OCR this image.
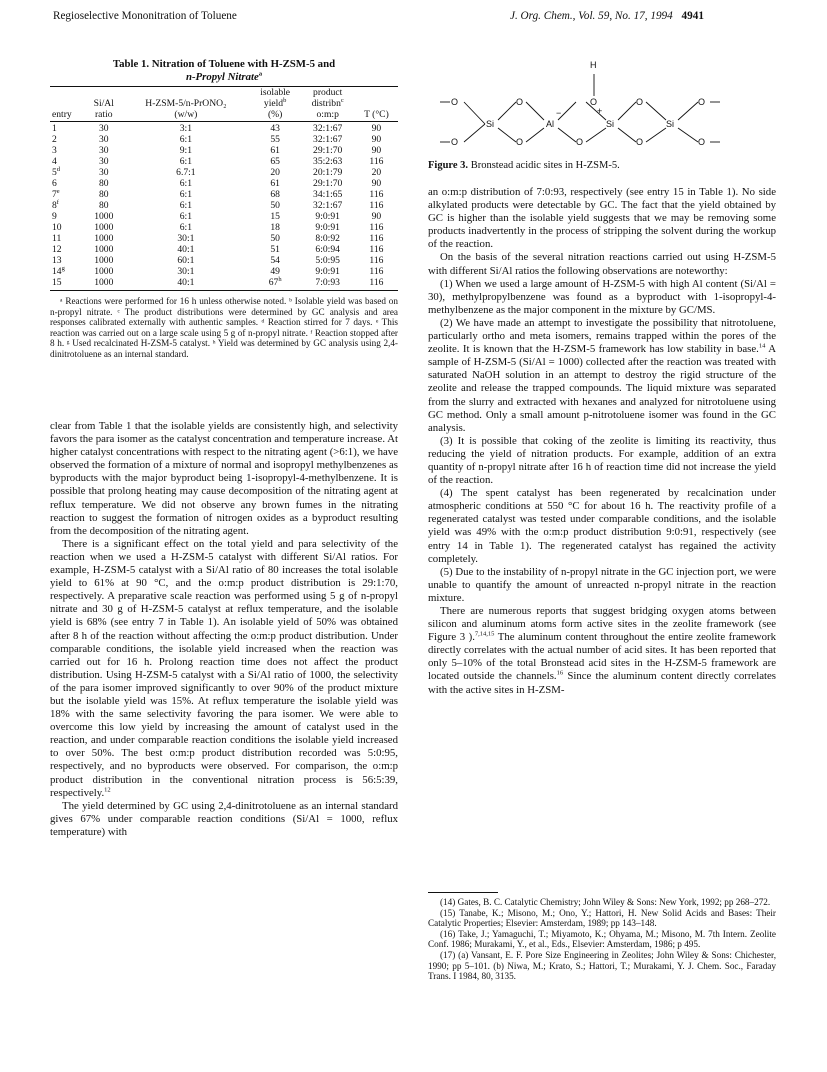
Regioselective Mononitration of Toluene	J. Org. Chem., Vol. 59, No. 17, 1994 4941
Table 1. Nitration of Toluene with H-ZSM-5 and
n-Propyl Nitrate$^a$
			isolable	product	
	Si/Al	H-ZSM-5/n-PrONO₂	yield$^b$	distribn$^c$	
entry	ratio	(w/w)	(%)	o:m:p	T (°C)

1	30	3:1	43	32:1:67	90
2	30	6:1	55	32:1:67	90
3	30	9:1	61	29:1:70	90
4	30	6:1	65	35:2:63	116
5$^d$	30	6.7:1	20	20:1:79	20
6	80	6:1	61	29:1:70	90
7e	80	6:1	68	34:1:65	116
8$^f$	80	6:1	50	32:1:67	116
9	1000	6:1	15	9:0:91	90
10	1000	6:1	18	9:0:91	116
11	1000	30:1	50	8:0:92	116
12	1000	40:1	51	6:0:94	116
13	1000	60:1	54	5:0:95	116
14$^g$	1000	30:1	49	9:0:91	116
15	1000	40:1	67$^h$	7:0:93	116
ᵃ Reactions were performed for 16 h unless otherwise noted. ᵇ Isolable yield was based on n-propyl nitrate. ᶜ The product distributions were determined by GC analysis and area responses calibrated externally with authentic samples. ᵈ Reaction stirred for 7 days. ᵉ This reaction was carried out on a large scale using 5 g of n-propyl nitrate. ᶠ Reaction stopped after 8 h. ᵍ Used recalcinated H-ZSM-5 catalyst. ʰ Yield was determined by GC analysis using 2,4-dinitrotoluene as an internal standard.

clear from Table 1 that the isolable yields are consistently high, and selectivity favors the para isomer as the catalyst concentration and temperature increase. At higher catalyst concentrations with respect to the nitrating agent (>6:1), we have observed the formation of a mixture of normal and isopropyl methylbenzenes as byproducts with the major byproduct being 1-isopropyl-4-methylbenzene. It is possible that prolong heating may cause decomposition of the nitrating agent at reflux temperature. We did not observe any brown fumes in the nitrating reaction to suggest the formation of nitrogen oxides as a byproduct resulting from the decomposition of the nitrating agent.

There is a significant effect on the total yield and para selectivity of the reaction when we used a H-ZSM-5 catalyst with different Si/Al ratios. For example, H-ZSM-5 catalyst with a Si/Al ratio of 80 increases the total isolable yield to 61% at 90 °C, and the o:m:p product distribution is 29:1:70, respectively. A preparative scale reaction was performed using 5 g of n-propyl nitrate and 30 g of H-ZSM-5 catalyst at reflux temperature, and the isolable yield is 68% (see entry 7 in Table 1). An isolable yield of 50% was obtained after 8 h of the reaction without affecting the o:m:p product distribution. Under comparable conditions, the isolable yield increased when the reaction was carried out for 16 h. Prolong reaction time does not affect the product distribution. Using H-ZSM-5 catalyst with a Si/Al ratio of 1000, the selectivity of the para isomer improved significantly to over 90% of the product mixture but the isolable yield was 15%. At reflux temperature the isolable yield was 18% with the same selectivity favoring the para isomer. We were able to overcome this low yield by increasing the amount of catalyst used in the reaction, and under comparable reaction conditions the isolable yield increased to over 50%. The best o:m:p product distribution recorded was 5:0:95, respectively, and no byproducts were observed. For comparison, the o:m:p product distribution in the conventional nitration process is 56:5:39, respectively.$^{12}$

The yield determined by GC using 2,4-dinitrotoluene as an internal standard gives 67% under comparable reaction conditions (Si/Al = 1000, reflux temperature) with

H
O
O
Si
O
O
Al
−
O
+
O
Si
O
O
Si
O
O
Figure 3. Bronstead acidic sites in H-ZSM-5.

an o:m:p distribution of 7:0:93, respectively (see entry 15 in Table 1). No side alkylated products were detectable by GC. The fact that the yield obtained by GC is higher than the isolable yield suggests that we may be removing some products inadvertently in the process of stripping the solvent during the workup of the reaction.

On the basis of the several nitration reactions carried out using H-ZSM-5 with different Si/Al ratios the following observations are noteworthy:

(1) When we used a large amount of H-ZSM-5 with high Al content (Si/Al = 30), methylpropylbenzene was found as a byproduct with 1-isopropyl-4-methylbenzene as the major component in the mixture by GC/MS.

(2) We have made an attempt to investigate the possibility that nitrotoluene, particularly ortho and meta isomers, remains trapped within the pores of the zeolite. It is known that the H-ZSM-5 framework has low stability in base.$^{14}$ A sample of H-ZSM-5 (Si/Al = 1000) collected after the reaction was treated with saturated NaOH solution in an attempt to destroy the rigid structure of the zeolite and release the trapped compounds. The liquid mixture was separated from the slurry and extracted with hexanes and analyzed for nitrotoluene using GC method. Only a small amount p-nitrotoluene isomer was found in the GC analysis.

(3) It is possible that coking of the zeolite is limiting its reactivity, thus reducing the yield of nitration products. For example, addition of an extra quantity of n-propyl nitrate after 16 h of reaction time did not increase the yield of the reaction.

(4) The spent catalyst has been regenerated by recalcination under atmospheric conditions at 550 °C for about 16 h. The reactivity profile of a regenerated catalyst was tested under comparable conditions, and the isolable yield was 49% with the o:m:p product distribution 9:0:91, respectively (see entry 14 in Table 1). The regenerated catalyst has regained the activity completely.

(5) Due to the instability of n-propyl nitrate in the GC injection port, we were unable to quantify the amount of unreacted n-propyl nitrate in the reaction mixture.

There are numerous reports that suggest bridging oxygen atoms between silicon and aluminum atoms form active sites in the zeolite framework (see Figure 3 ).$^{7,14,15}$ The aluminum content throughout the entire zeolite framework directly correlates with the actual number of acid sites. It has been reported that only 5–10% of the total Bronstead acid sites in the H-ZSM-5 framework are located outside the channels.$^{16}$ Since the aluminum content directly correlates with the active sites in H-ZSM-

(14) Gates, B. C. Catalytic Chemistry; John Wiley & Sons: New York, 1992; pp 268–272.
(15) Tanabe, K.; Misono, M.; Ono, Y.; Hattori, H. New Solid Acids and Bases: Their Catalytic Properties; Elsevier: Amsterdam, 1989; pp 143–148.
(16) Take, J.; Yamaguchi, T.; Miyamoto, K.; Ohyama, M.; Misono, M. 7th Intern. Zeolite Conf. 1986; Murakami, Y., et al., Eds., Elsevier: Amsterdam, 1986; p 495.
(17) (a) Vansant, E. F. Pore Size Engineering in Zeolites; John Wiley & Sons: Chichester, 1990; pp 5–101. (b) Niwa, M.; Krato, S.; Hattori, T.; Murakami, Y. J. Chem. Soc., Faraday Trans. I 1984, 80, 3135.
